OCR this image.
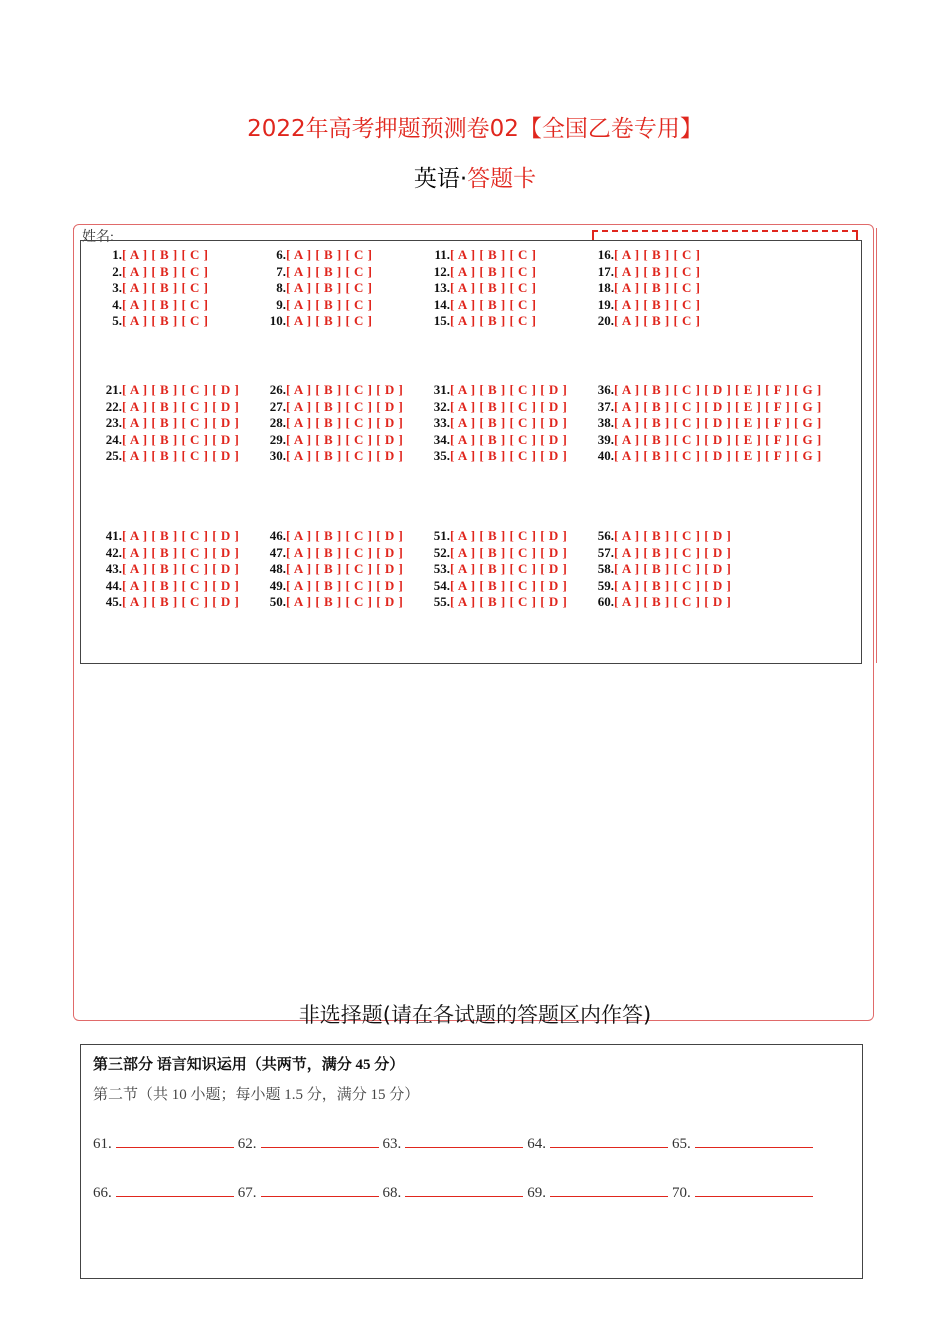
2022年高考押题预测卷02【全国乙卷专用】
英语·答题卡
姓名:
1.[ A ] [ B ] [ C ]
2.[ A ] [ B ] [ C ]
3.[ A ] [ B ] [ C ]
4.[ A ] [ B ] [ C ]
5.[ A ] [ B ] [ C ]
6.[ A ] [ B ] [ C ]
7.[ A ] [ B ] [ C ]
8.[ A ] [ B ] [ C ]
9.[ A ] [ B ] [ C ]
10.[ A ] [ B ] [ C ]
11.[ A ] [ B ] [ C ]
12.[ A ] [ B ] [ C ]
13.[ A ] [ B ] [ C ]
14.[ A ] [ B ] [ C ]
15.[ A ] [ B ] [ C ]
16.[ A ] [ B ] [ C ]
17.[ A ] [ B ] [ C ]
18.[ A ] [ B ] [ C ]
19.[ A ] [ B ] [ C ]
20.[ A ] [ B ] [ C ]
21.[ A ] [ B ] [ C ] [ D ]
22.[ A ] [ B ] [ C ] [ D ]
23.[ A ] [ B ] [ C ] [ D ]
24.[ A ] [ B ] [ C ] [ D ]
25.[ A ] [ B ] [ C ] [ D ]
26.[ A ] [ B ] [ C ] [ D ]
27.[ A ] [ B ] [ C ] [ D ]
28.[ A ] [ B ] [ C ] [ D ]
29.[ A ] [ B ] [ C ] [ D ]
30.[ A ] [ B ] [ C ] [ D ]
31.[ A ] [ B ] [ C ] [ D ]
32.[ A ] [ B ] [ C ] [ D ]
33.[ A ] [ B ] [ C ] [ D ]
34.[ A ] [ B ] [ C ] [ D ]
35.[ A ] [ B ] [ C ] [ D ]
36.[ A ] [ B ] [ C ] [ D ] [ E ] [ F ] [ G ]
37.[ A ] [ B ] [ C ] [ D ] [ E ] [ F ] [ G ]
38.[ A ] [ B ] [ C ] [ D ] [ E ] [ F ] [ G ]
39.[ A ] [ B ] [ C ] [ D ] [ E ] [ F ] [ G ]
40.[ A ] [ B ] [ C ] [ D ] [ E ] [ F ] [ G ]
41.[ A ] [ B ] [ C ] [ D ]
42.[ A ] [ B ] [ C ] [ D ]
43.[ A ] [ B ] [ C ] [ D ]
44.[ A ] [ B ] [ C ] [ D ]
45.[ A ] [ B ] [ C ] [ D ]
46.[ A ] [ B ] [ C ] [ D ]
47.[ A ] [ B ] [ C ] [ D ]
48.[ A ] [ B ] [ C ] [ D ]
49.[ A ] [ B ] [ C ] [ D ]
50.[ A ] [ B ] [ C ] [ D ]
51.[ A ] [ B ] [ C ] [ D ]
52.[ A ] [ B ] [ C ] [ D ]
53.[ A ] [ B ] [ C ] [ D ]
54.[ A ] [ B ] [ C ] [ D ]
55.[ A ] [ B ] [ C ] [ D ]
56.[ A ] [ B ] [ C ] [ D ]
57.[ A ] [ B ] [ C ] [ D ]
58.[ A ] [ B ] [ C ] [ D ]
59.[ A ] [ B ] [ C ] [ D ]
60.[ A ] [ B ] [ C ] [ D ]
非选择题(请在各试题的答题区内作答)
第三部分 语言知识运用（共两节，满分 45 分）
第二节（共 10 小题；每小题 1.5 分，满分 15 分）
61.	62.	63.	64.	65.
66.	67.	68.	69.	70.
